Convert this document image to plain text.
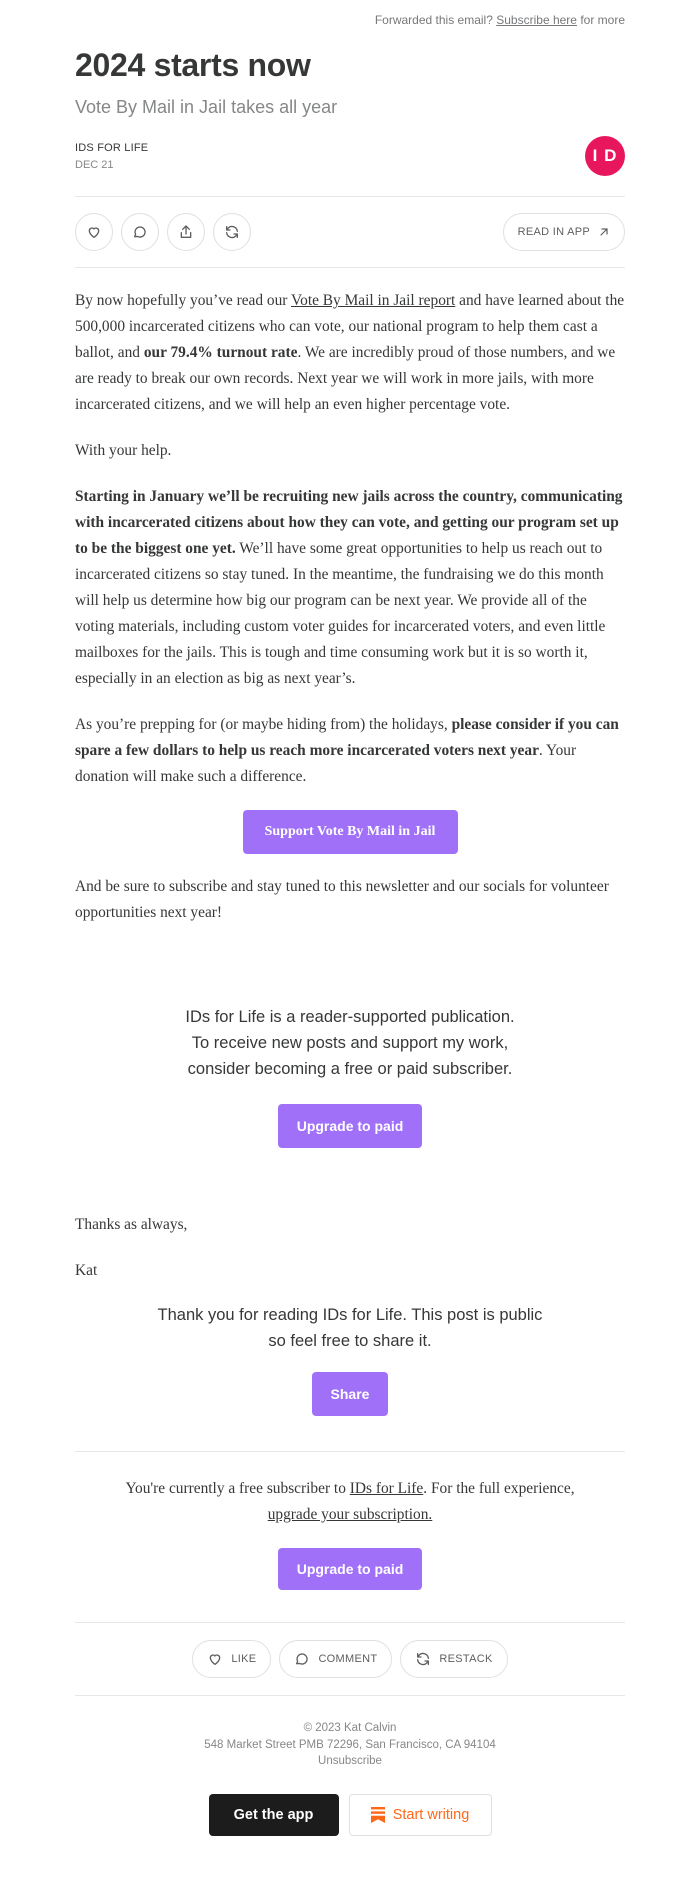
Forwarded this email? Subscribe here for more
2024 starts now
Vote By Mail in Jail takes all year
IDS FOR LIFE
DEC 21	I D
READ IN APP

By now hopefully you’ve read our Vote By Mail in Jail report and have learned about the 500,000 incarcerated citizens who can vote, our national program to help them cast a ballot, and our 79.4% turnout rate. We are incredibly proud of those numbers, and we are ready to break our own records. Next year we will work in more jails, with more incarcerated citizens, and we will help an even higher percentage vote.

With your help.

Starting in January we’ll be recruiting new jails across the country, communicating with incarcerated citizens about how they can vote, and getting our program set up to be the biggest one yet. We’ll have some great opportunities to help us reach out to incarcerated citizens so stay tuned. In the meantime, the fundraising we do this month will help us determine how big our program can be next year. We provide all of the voting materials, including custom voter guides for incarcerated voters, and even little mailboxes for the jails. This is tough and time consuming work but it is so worth it, especially in an election as big as next year’s.

As you’re prepping for (or maybe hiding from) the holidays, please consider if you can spare a few dollars to help us reach more incarcerated voters next year. Your donation will make such a difference.

Support Vote By Mail in Jail

And be sure to subscribe and stay tuned to this newsletter and our socials for volunteer opportunities next year!

IDs for Life is a reader-supported publication. To receive new posts and support my work, consider becoming a free or paid subscriber.
Upgrade to paid

Thanks as always,

Kat

Thank you for reading IDs for Life. This post is public so feel free to share it.
Share

You're currently a free subscriber to IDs for Life. For the full experience,
upgrade your subscription.

Upgrade to paid
LIKE	COMMENT	RESTACK
© 2023 Kat Calvin
548 Market Street PMB 72296, San Francisco, CA 94104
Unsubscribe
Get the app	Start writing
